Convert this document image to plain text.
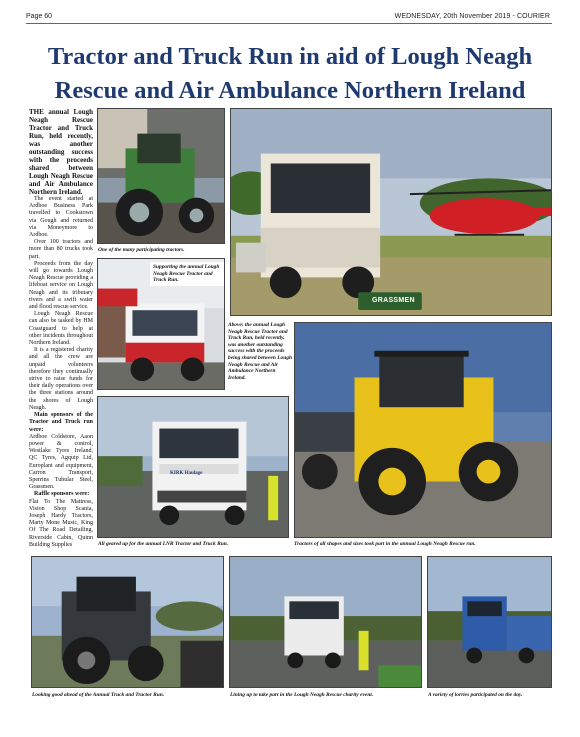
Page 60	WEDNESDAY, 20th November 2019 - COURIER
Tractor and Truck Run in aid of Lough Neagh
Rescue and Air Ambulance Northern Ireland

THE annual Lough Neagh Rescue Tractor and Truck Run, held recently, was another outstanding success with the proceeds shared between Lough Neagh Rescue and Air Ambulance Northern Ireland.

The event started at Ardboe Business Park travelled to Cookstown via Gough and returned via Moneymore to Ardboe.

Over 100 tractors and more than 80 trucks took part.

Proceeds from the day will go towards Lough Neagh Rescue providing a lifeboat service on Lough Neagh and its tributary rivers and a swift water and flood rescue service.

Lough Neagh Rescue can also be tasked by HM Coastguard to help at other incidents throughout Northern Ireland.

It is a registered charity and all the crew are unpaid volunteers therefore they continually strive to raise funds for their daily operations over the three stations around the shores of Lough Neagh.

Main sponsors of the Tractor and Truck run were:

Ardboe Coldstore, Aaon power & control, Westlake Tyres Ireland, QC Tyres, Agquip Ltd, Europlant and equipment, Carron Transport, Sperrins Tubular Steel, Grassmen.

Raffle sponsors were:

Flat To The Mattress, Vision Shop Scania, Joseph Hardy Tractors, Marty Mone Music, King Of The Road Detailing, Riverside Cabin, Quinn Building Supplies

One of the many participating tractors.
GRASSMEN
Supporting the annual Lough Neagh Rescue Tractor and Truck Run.
Above: the annual Lough Neagh Rescue Tractor and Truck Run, held recently, was another outstanding success with the proceeds being shared between Lough Neagh Rescue and Air Ambulance Northern Ireland.
Tractors of all shapes and sizes took part in the annual Lough Neagh Rescue run.
KIRK Haulage
All geared up for the annual LNR Tractor and Truck Run.
Looking good ahead of the Annual Truck and Tractor Run.	Lining up to take part in the Lough Neagh Rescue charity event.	A variety of lorries participated on the day.
